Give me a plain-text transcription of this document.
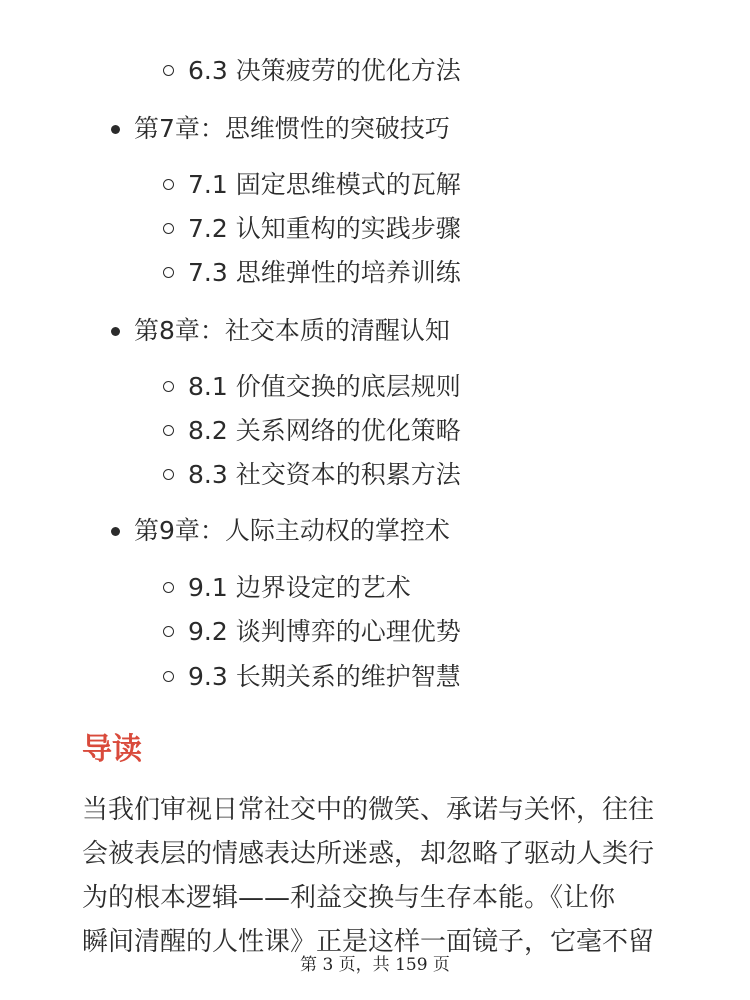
6.3 决策疲劳的优化方法
第7章：思维惯性的突破技巧
7.1 固定思维模式的瓦解
7.2 认知重构的实践步骤
7.3 思维弹性的培养训练
第8章：社交本质的清醒认知
8.1 价值交换的底层规则
8.2 关系网络的优化策略
8.3 社交资本的积累方法
第9章：人际主动权的掌控术
9.1 边界设定的艺术
9.2 谈判博弈的心理优势
9.3 长期关系的维护智慧
导读
当我们审视日常社交中的微笑、承诺与关怀，往往
会被表层的情感表达所迷惑，却忽略了驱动人类行
为的根本逻辑——利益交换与生存本能。《让你
瞬间清醒的人性课》正是这样一面镜子，它毫不留
第 3 页，共 159 页
